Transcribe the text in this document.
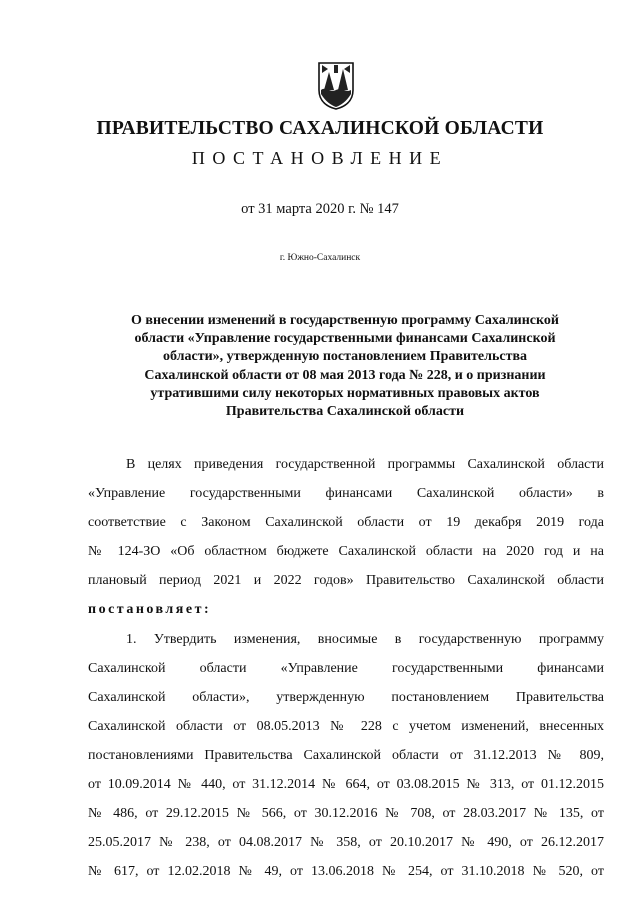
ПРАВИТЕЛЬСТВО САХАЛИНСКОЙ ОБЛАСТИ
ПОСТАНОВЛЕНИЕ
от 31 марта 2020 г. № 147
г. Южно-Сахалинск
О внесении изменений в государственную программу Сахалинской
области «Управление государственными финансами Сахалинской
области», утвержденную постановлением Правительства
Сахалинской области от 08 мая 2013 года № 228, и о признании
утратившими силу некоторых нормативных правовых актов
Правительства Сахалинской области
В целях приведения государственной программы Сахалинской области
«Управление государственными финансами Сахалинской области» в
соответствие с Законом Сахалинской области от 19 декабря 2019 года
№ 124-ЗО «Об областном бюджете Сахалинской области на 2020 год и на
плановый период 2021 и 2022 годов» Правительство Сахалинской области
постановляет:
1. Утвердить изменения, вносимые в государственную программу
Сахалинской области «Управление государственными финансами
Сахалинской области», утвержденную постановлением Правительства
Сахалинской области от 08.05.2013 № 228 с учетом изменений, внесенных
постановлениями Правительства Сахалинской области от 31.12.2013 № 809,
от 10.09.2014 № 440, от 31.12.2014 № 664, от 03.08.2015 № 313, от 01.12.2015
№ 486, от 29.12.2015 № 566, от 30.12.2016 № 708, от 28.03.2017 № 135, от
25.05.2017 № 238, от 04.08.2017 № 358, от 20.10.2017 № 490, от 26.12.2017
№ 617, от 12.02.2018 № 49, от 13.06.2018 № 254, от 31.10.2018 № 520, от
